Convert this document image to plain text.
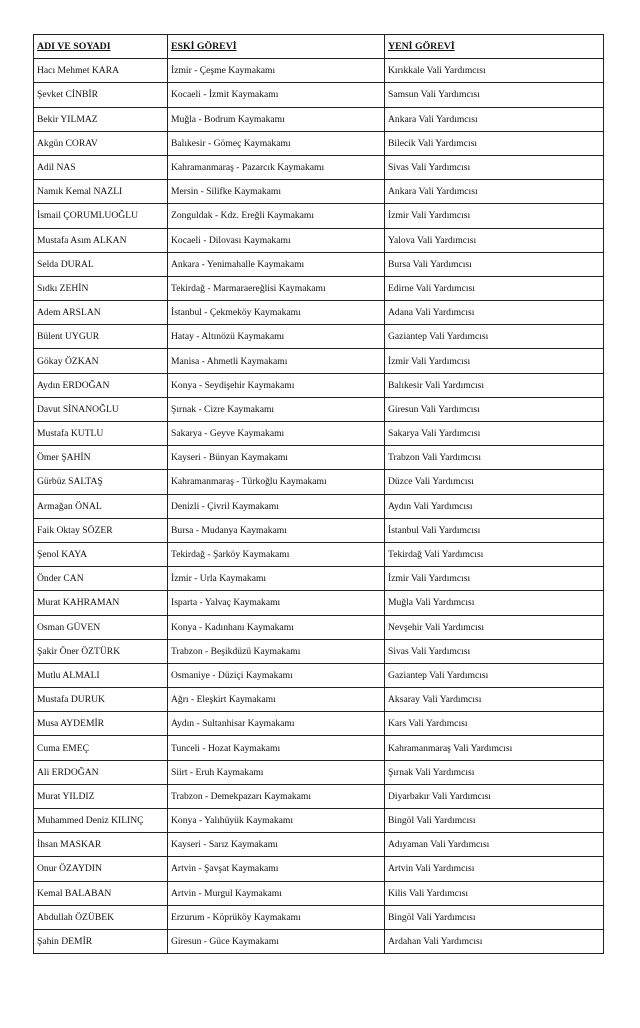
ADI VE SOYADI	ESKİ GÖREVİ	YENİ GÖREVİ
Hacı Mehmet KARA	İzmir - Çeşme Kaymakamı	Kırıkkale Vali Yardımcısı
Şevket CİNBİR	Kocaeli - İzmit Kaymakamı	Samsun Vali Yardımcısı
Bekir YILMAZ	Muğla - Bodrum Kaymakamı	Ankara Vali Yardımcısı
Akgün CORAV	Balıkesir - Gömeç Kaymakamı	Bilecik Vali Yardımcısı
Adil NAS	Kahramanmaraş - Pazarcık Kaymakamı	Sivas Vali Yardımcısı
Namık Kemal NAZLI	Mersin - Silifke Kaymakamı	Ankara Vali Yardımcısı
İsmail ÇORUMLUOĞLU	Zonguldak - Kdz. Ereğli Kaymakamı	İzmir Vali Yardımcısı
Mustafa Asım ALKAN	Kocaeli - Dilovası Kaymakamı	Yalova Vali Yardımcısı
Selda DURAL	Ankara - Yenimahalle Kaymakamı	Bursa Vali Yardımcısı
Sıdkı ZEHİN	Tekirdağ - Marmaraereğlisi Kaymakamı	Edirne Vali Yardımcısı
Adem ARSLAN	İstanbul - Çekmeköy Kaymakamı	Adana Vali Yardımcısı
Bülent UYGUR	Hatay - Altınözü Kaymakamı	Gaziantep Vali Yardımcısı
Gökay ÖZKAN	Manisa - Ahmetli Kaymakamı	İzmir Vali Yardımcısı
Aydın ERDOĞAN	Konya - Seydişehir Kaymakamı	Balıkesir Vali Yardımcısı
Davut SİNANOĞLU	Şırnak - Cizre Kaymakamı	Giresun Vali Yardımcısı
Mustafa KUTLU	Sakarya - Geyve Kaymakamı	Sakarya Vali Yardımcısı
Ömer ŞAHİN	Kayseri - Bünyan Kaymakamı	Trabzon Vali Yardımcısı
Gürbüz SALTAŞ	Kahramanmaraş - Türkoğlu Kaymakamı	Düzce Vali Yardımcısı
Armağan ÖNAL	Denizli - Çivril Kaymakamı	Aydın Vali Yardımcısı
Faik Oktay SÖZER	Bursa - Mudanya Kaymakamı	İstanbul Vali Yardımcısı
Şenol KAYA	Tekirdağ - Şarköy Kaymakamı	Tekirdağ Vali Yardımcısı
Önder CAN	İzmir - Urla Kaymakamı	İzmir Vali Yardımcısı
Murat KAHRAMAN	Isparta - Yalvaç Kaymakamı	Muğla Vali Yardımcısı
Osman GÜVEN	Konya - Kadınhanı Kaymakamı	Nevşehir Vali Yardımcısı
Şakir Öner ÖZTÜRK	Trabzon - Beşikdüzü Kaymakamı	Sivas Vali Yardımcısı
Mutlu ALMALI	Osmaniye - Düziçi Kaymakamı	Gaziantep Vali Yardımcısı
Mustafa DURUK	Ağrı - Eleşkirt Kaymakamı	Aksaray Vali Yardımcısı
Musa AYDEMİR	Aydın - Sultanhisar Kaymakamı	Kars Vali Yardımcısı
Cuma EMEÇ	Tunceli - Hozat Kaymakamı	Kahramanmaraş Vali Yardımcısı
Ali ERDOĞAN	Siirt - Eruh Kaymakamı	Şırnak Vali Yardımcısı
Murat YILDIZ	Trabzon - Demekpazarı Kaymakamı	Diyarbakır Vali Yardımcısı
Muhammed Deniz KILINÇ	Konya - Yalıhüyük Kaymakamı	Bingöl Vali Yardımcısı
İhsan MASKAR	Kayseri - Sarız Kaymakamı	Adıyaman Vali Yardımcısı
Onur ÖZAYDIN	Artvin - Şavşat Kaymakamı	Artvin Vali Yardımcısı
Kemal BALABAN	Artvin - Murgul Kaymakamı	Kilis Vali Yardımcısı
Abdullah ÖZÜBEK	Erzurum - Köprüköy Kaymakamı	Bingöl Vali Yardımcısı
Şahin DEMİR	Giresun - Güce Kaymakamı	Ardahan Vali Yardımcısı
